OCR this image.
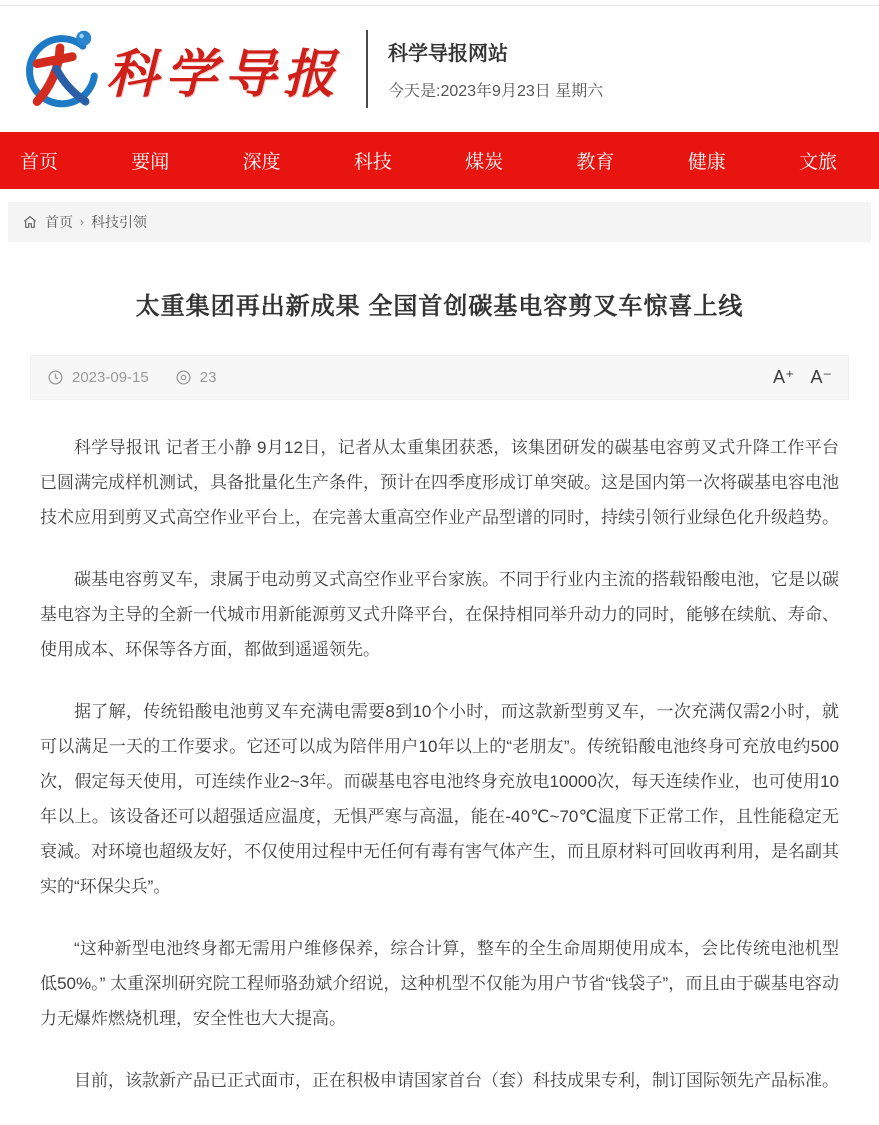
科学导报 科学导报网站
今天是:2023年9月23日 星期六
首页	要闻	深度	科技	煤炭	教育	健康	文旅
首页 › 科技引领
太重集团再出新成果 全国首创碳基电容剪叉车惊喜上线
2023-09-15	23	A⁺ A⁻

科学导报讯 记者王小静 9月12日，记者从太重集团获悉，该集团研发的碳基电容剪叉式升降工作平台已圆满完成样机测试，具备批量化生产条件，预计在四季度形成订单突破。这是国内第一次将碳基电容电池技术应用到剪叉式高空作业平台上，在完善太重高空作业产品型谱的同时，持续引领行业绿色化升级趋势。

碳基电容剪叉车，隶属于电动剪叉式高空作业平台家族。不同于行业内主流的搭载铅酸电池，它是以碳基电容为主导的全新一代城市用新能源剪叉式升降平台，在保持相同举升动力的同时，能够在续航、寿命、使用成本、环保等各方面，都做到遥遥领先。

据了解，传统铅酸电池剪叉车充满电需要8到10个小时，而这款新型剪叉车，一次充满仅需2小时，就可以满足一天的工作要求。它还可以成为陪伴用户10年以上的“老朋友”。传统铅酸电池终身可充放电约500次，假定每天使用，可连续作业2~3年。而碳基电容电池终身充放电10000次，每天连续作业，也可使用10年以上。该设备还可以超强适应温度，无惧严寒与高温，能在-40℃~70℃温度下正常工作，且性能稳定无衰减。对环境也超级友好，不仅使用过程中无任何有毒有害气体产生，而且原材料可回收再利用，是名副其实的“环保尖兵”。

“这种新型电池终身都无需用户维修保养，综合计算，整车的全生命周期使用成本，会比传统电池机型低50%。” 太重深圳研究院工程师骆劲斌介绍说，这种机型不仅能为用户节省“钱袋子”，而且由于碳基电容动力无爆炸燃烧机理，安全性也大大提高。

目前，该款新产品已正式面市，正在积极申请国家首台（套）科技成果专利，制订国际领先产品标准。
